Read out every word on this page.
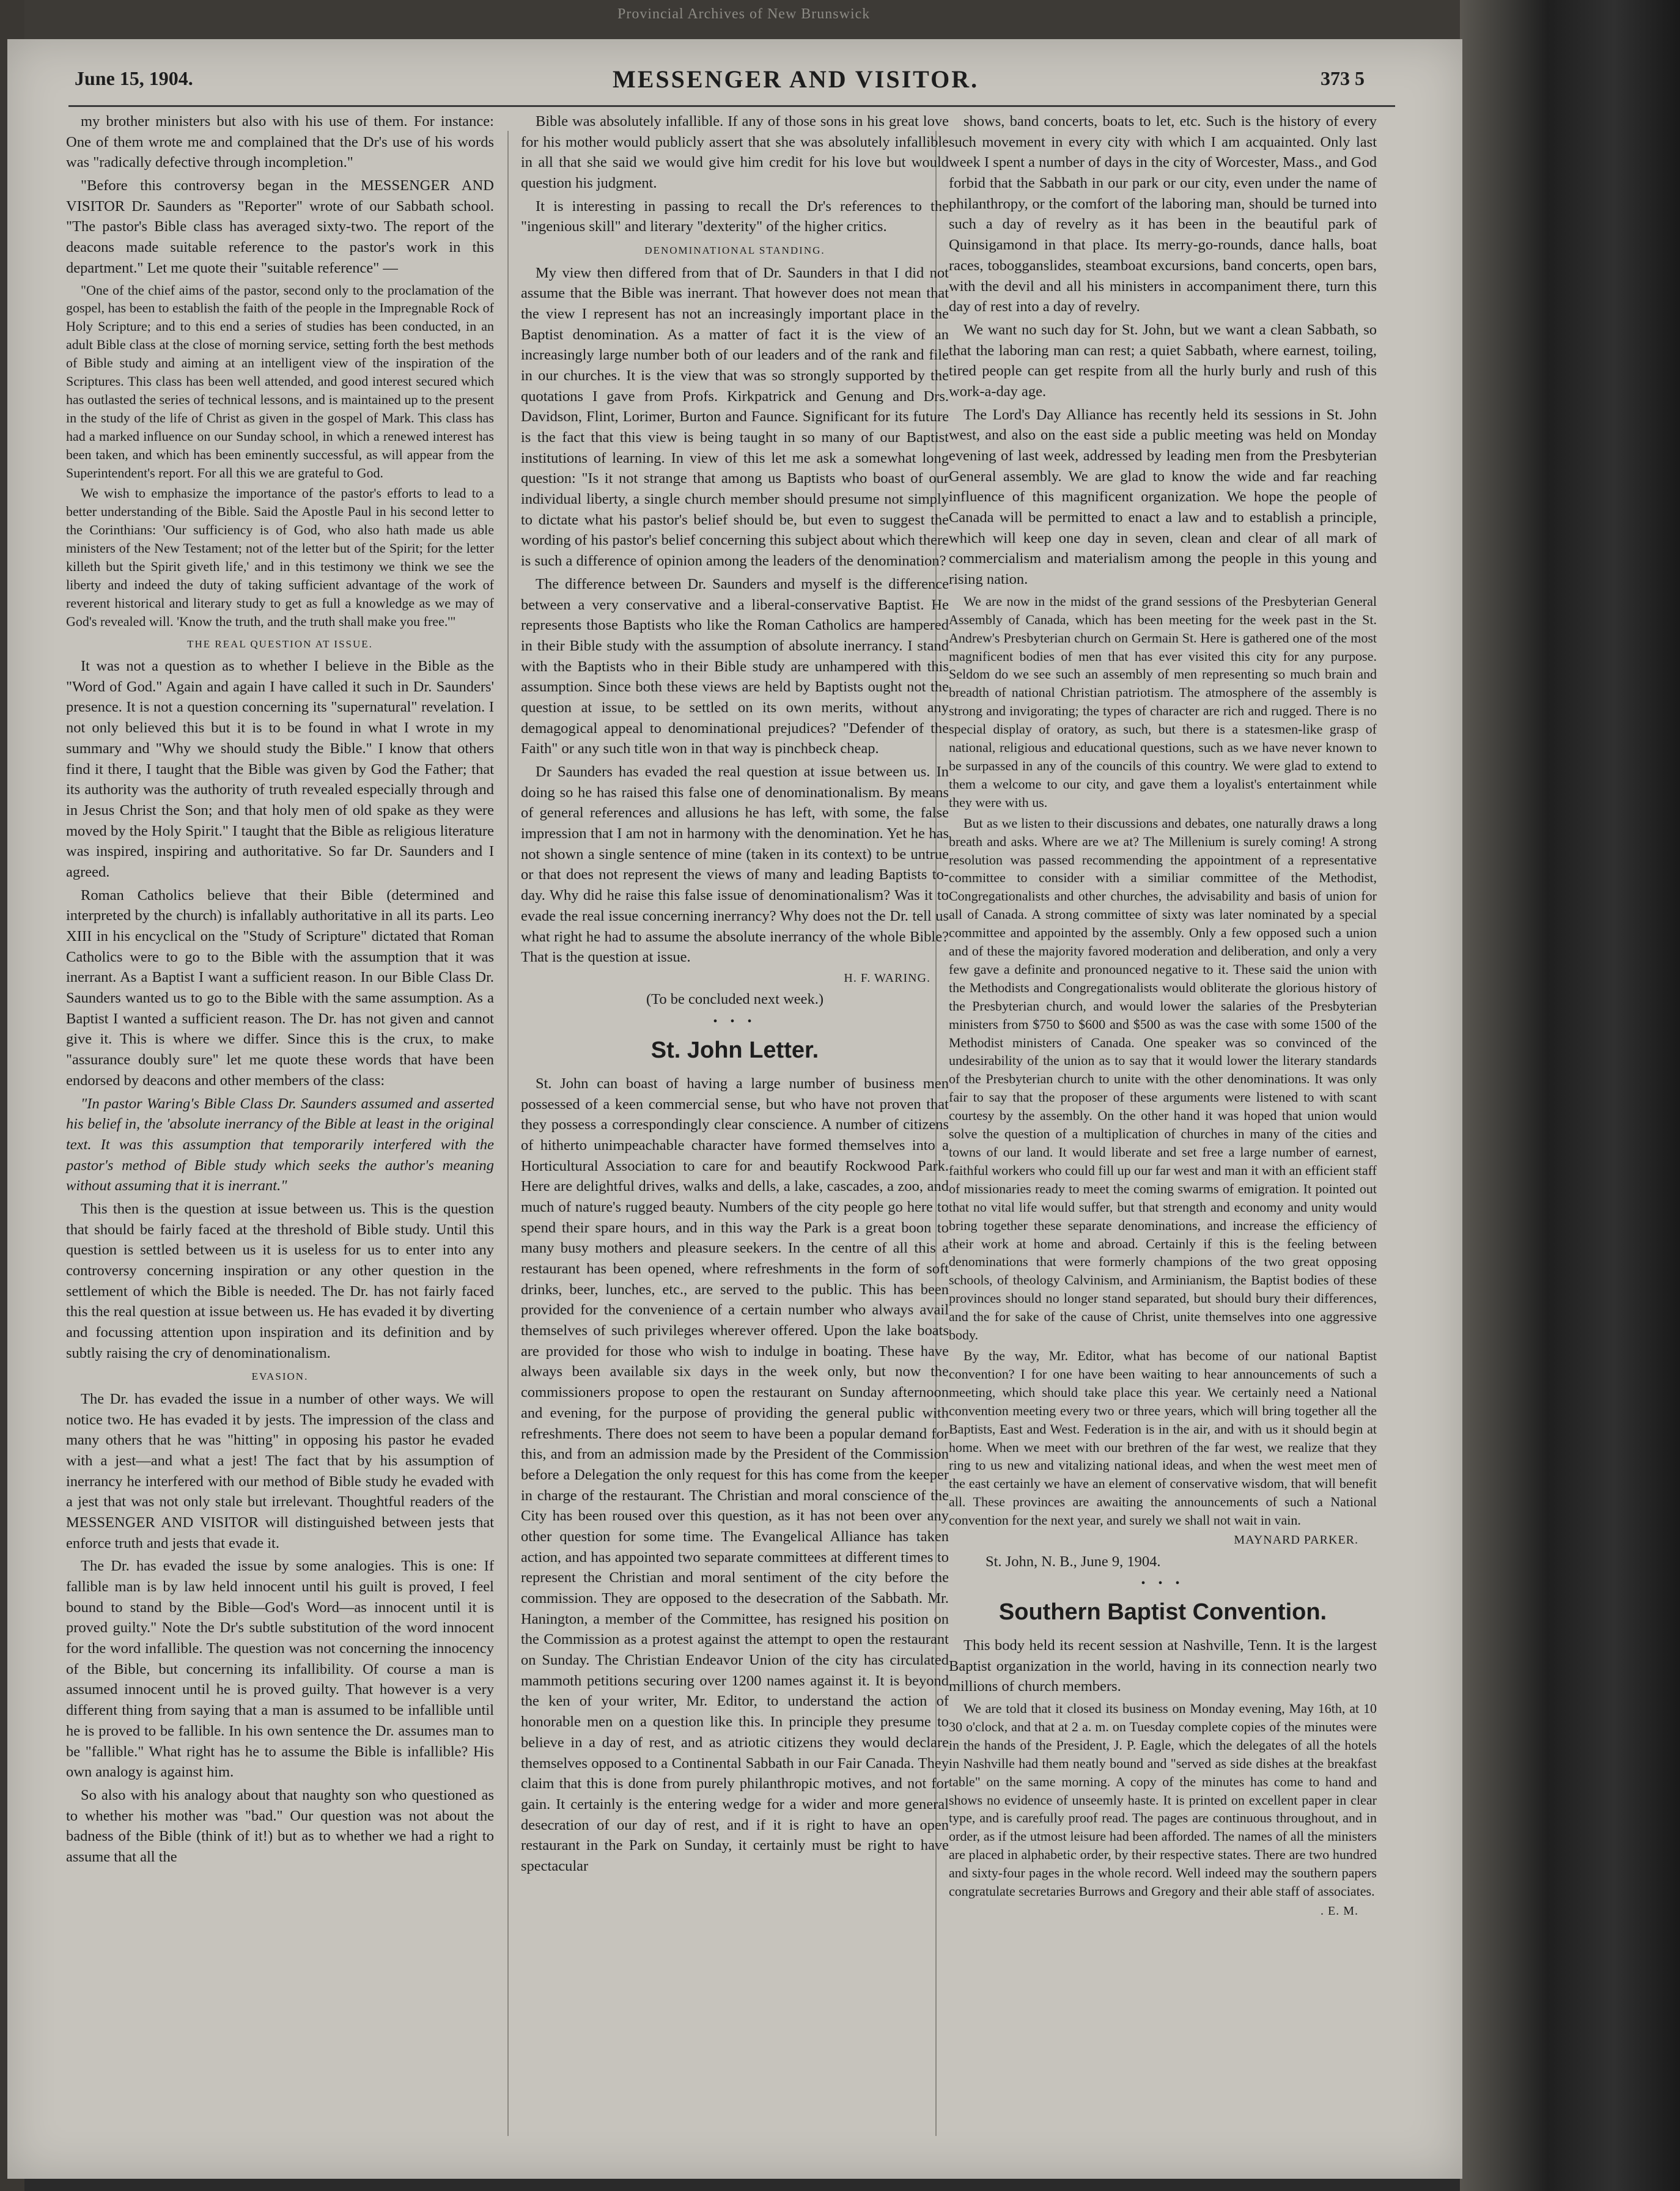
Provincial Archives of New Brunswick
June 15, 1904.	MESSENGER AND VISITOR.	373 5

my brother ministers but also with his use of them. For instance: One of them wrote me and complained that the Dr's use of his words was "radically defective through incompletion."

"Before this controversy began in the MESSENGER AND VISITOR Dr. Saunders as "Reporter" wrote of our Sabbath school. "The pastor's Bible class has averaged sixty-two. The report of the deacons made suitable reference to the pastor's work in this department." Let me quote their "suitable reference" —

"One of the chief aims of the pastor, second only to the proclamation of the gospel, has been to establish the faith of the people in the Impregnable Rock of Holy Scripture; and to this end a series of studies has been conducted, in an adult Bible class at the close of morning service, setting forth the best methods of Bible study and aiming at an intelligent view of the inspiration of the Scriptures. This class has been well attended, and good interest secured which has outlasted the series of technical lessons, and is maintained up to the present in the study of the life of Christ as given in the gospel of Mark. This class has had a marked influence on our Sunday school, in which a renewed interest has been taken, and which has been eminently successful, as will appear from the Superintendent's report. For all this we are grateful to God.

We wish to emphasize the importance of the pastor's efforts to lead to a better understanding of the Bible. Said the Apostle Paul in his second letter to the Corinthians: 'Our sufficiency is of God, who also hath made us able ministers of the New Testament; not of the letter but of the Spirit; for the letter killeth but the Spirit giveth life,' and in this testimony we think we see the liberty and indeed the duty of taking sufficient advantage of the work of reverent historical and literary study to get as full a knowledge as we may of God's revealed will. 'Know the truth, and the truth shall make you free.'"

THE REAL QUESTION AT ISSUE.

It was not a question as to whether I believe in the Bible as the "Word of God." Again and again I have called it such in Dr. Saunders' presence. It is not a question concerning its "supernatural" revelation. I not only believed this but it is to be found in what I wrote in my summary and "Why we should study the Bible." I know that others find it there, I taught that the Bible was given by God the Father; that its authority was the authority of truth revealed especially through and in Jesus Christ the Son; and that holy men of old spake as they were moved by the Holy Spirit." I taught that the Bible as religious literature was inspired, inspiring and authoritative. So far Dr. Saunders and I agreed.

Roman Catholics believe that their Bible (determined and interpreted by the church) is infallably authoritative in all its parts. Leo XIII in his encyclical on the "Study of Scripture" dictated that Roman Catholics were to go to the Bible with the assumption that it was inerrant. As a Baptist I want a sufficient reason. In our Bible Class Dr. Saunders wanted us to go to the Bible with the same assumption. As a Baptist I wanted a sufficient reason. The Dr. has not given and cannot give it. This is where we differ. Since this is the crux, to make "assurance doubly sure" let me quote these words that have been endorsed by deacons and other members of the class:

"In pastor Waring's Bible Class Dr. Saunders assumed and asserted his belief in, the 'absolute inerrancy of the Bible at least in the original text. It was this assumption that temporarily interfered with the pastor's method of Bible study which seeks the author's meaning without assuming that it is inerrant."

This then is the question at issue between us. This is the question that should be fairly faced at the threshold of Bible study. Until this question is settled between us it is useless for us to enter into any controversy concerning inspiration or any other question in the settlement of which the Bible is needed. The Dr. has not fairly faced this the real question at issue between us. He has evaded it by diverting and focussing attention upon inspiration and its definition and by subtly raising the cry of denominationalism.

EVASION.

The Dr. has evaded the issue in a number of other ways. We will notice two. He has evaded it by jests. The impression of the class and many others that he was "hitting" in opposing his pastor he evaded with a jest—and what a jest! The fact that by his assumption of inerrancy he interfered with our method of Bible study he evaded with a jest that was not only stale but irrelevant. Thoughtful readers of the MESSENGER AND VISITOR will distinguished between jests that enforce truth and jests that evade it.

The Dr. has evaded the issue by some analogies. This is one: If fallible man is by law held innocent until his guilt is proved, I feel bound to stand by the Bible—God's Word—as innocent until it is proved guilty." Note the Dr's subtle substitution of the word innocent for the word infallible. The question was not concerning the innocency of the Bible, but concerning its infallibility. Of course a man is assumed innocent until he is proved guilty. That however is a very different thing from saying that a man is assumed to be infallible until he is proved to be fallible. In his own sentence the Dr. assumes man to be "fallible." What right has he to assume the Bible is infallible? His own analogy is against him.

So also with his analogy about that naughty son who questioned as to whether his mother was "bad." Our question was not about the badness of the Bible (think of it!) but as to whether we had a right to assume that all the

Bible was absolutely infallible. If any of those sons in his great love for his mother would publicly assert that she was absolutely infallible in all that she said we would give him credit for his love but would question his judgment.

It is interesting in passing to recall the Dr's references to the "ingenious skill" and literary "dexterity" of the higher critics.

DENOMINATIONAL STANDING.

My view then differed from that of Dr. Saunders in that I did not assume that the Bible was inerrant. That however does not mean that the view I represent has not an increasingly important place in the Baptist denomination. As a matter of fact it is the view of an increasingly large number both of our leaders and of the rank and file in our churches. It is the view that was so strongly supported by the quotations I gave from Profs. Kirkpatrick and Genung and Drs. Davidson, Flint, Lorimer, Burton and Faunce. Significant for its future is the fact that this view is being taught in so many of our Baptist institutions of learning. In view of this let me ask a somewhat long question: "Is it not strange that among us Baptists who boast of our individual liberty, a single church member should presume not simply to dictate what his pastor's belief should be, but even to suggest the wording of his pastor's belief concerning this subject about which there is such a difference of opinion among the leaders of the denomination?

The difference between Dr. Saunders and myself is the difference between a very conservative and a liberal-conservative Baptist. He represents those Baptists who like the Roman Catholics are hampered in their Bible study with the assumption of absolute inerrancy. I stand with the Baptists who in their Bible study are unhampered with this assumption. Since both these views are held by Baptists ought not the question at issue, to be settled on its own merits, without any demagogical appeal to denominational prejudices? "Defender of the Faith" or any such title won in that way is pinchbeck cheap.

Dr Saunders has evaded the real question at issue between us. In doing so he has raised this false one of denominationalism. By means of general references and allusions he has left, with some, the false impression that I am not in harmony with the denomination. Yet he has not shown a single sentence of mine (taken in its context) to be untrue or that does not represent the views of many and leading Baptists to-day. Why did he raise this false issue of denominationalism? Was it to evade the real issue concerning inerrancy? Why does not the Dr. tell us what right he had to assume the absolute inerrancy of the whole Bible? That is the question at issue.

H. F. WARING.

(To be concluded next week.)

• • •

St. John Letter.

St. John can boast of having a large number of business men possessed of a keen commercial sense, but who have not proven that they possess a correspondingly clear conscience. A number of citizens of hitherto unimpeachable character have formed themselves into a Horticultural Association to care for and beautify Rockwood Park. Here are delightful drives, walks and dells, a lake, cascades, a zoo, and much of nature's rugged beauty. Numbers of the city people go here to spend their spare hours, and in this way the Park is a great boon to many busy mothers and pleasure seekers. In the centre of all this a restaurant has been opened, where refreshments in the form of soft drinks, beer, lunches, etc., are served to the public. This has been provided for the convenience of a certain number who always avail themselves of such privileges wherever offered. Upon the lake boats are provided for those who wish to indulge in boating. These have always been available six days in the week only, but now the commissioners propose to open the restaurant on Sunday afternoon and evening, for the purpose of providing the general public with refreshments. There does not seem to have been a popular demand for this, and from an admission made by the President of the Commission before a Delegation the only request for this has come from the keeper in charge of the restaurant. The Christian and moral conscience of the City has been roused over this question, as it has not been over any other question for some time. The Evangelical Alliance has taken action, and has appointed two separate committees at different times to represent the Christian and moral sentiment of the city before the commission. They are opposed to the desecration of the Sabbath. Mr. Hanington, a member of the Committee, has resigned his position on the Commission as a protest against the attempt to open the restaurant on Sunday. The Christian Endeavor Union of the city has circulated mammoth petitions securing over 1200 names against it. It is beyond the ken of your writer, Mr. Editor, to understand the action of honorable men on a question like this. In principle they presume to believe in a day of rest, and as atriotic citizens they would declare themselves opposed to a Continental Sabbath in our Fair Canada. They claim that this is done from purely philanthropic motives, and not for gain. It certainly is the entering wedge for a wider and more general desecration of our day of rest, and if it is right to have an open restaurant in the Park on Sunday, it certainly must be right to have spectacular

shows, band concerts, boats to let, etc. Such is the history of every such movement in every city with which I am acquainted. Only last week I spent a number of days in the city of Worcester, Mass., and God forbid that the Sabbath in our park or our city, even under the name of philanthropy, or the comfort of the laboring man, should be turned into such a day of revelry as it has been in the beautiful park of Quinsigamond in that place. Its merry-go-rounds, dance halls, boat races, tobogganslides, steamboat excursions, band concerts, open bars, with the devil and all his ministers in accompaniment there, turn this day of rest into a day of revelry.

We want no such day for St. John, but we want a clean Sabbath, so that the laboring man can rest; a quiet Sabbath, where earnest, toiling, tired people can get respite from all the hurly burly and rush of this work-a-day age.

The Lord's Day Alliance has recently held its sessions in St. John west, and also on the east side a public meeting was held on Monday evening of last week, addressed by leading men from the Presbyterian General assembly. We are glad to know the wide and far reaching influence of this magnificent organization. We hope the people of Canada will be permitted to enact a law and to establish a principle, which will keep one day in seven, clean and clear of all mark of commercialism and materialism among the people in this young and rising nation.

We are now in the midst of the grand sessions of the Presbyterian General Assembly of Canada, which has been meeting for the week past in the St. Andrew's Presbyterian church on Germain St. Here is gathered one of the most magnificent bodies of men that has ever visited this city for any purpose. Seldom do we see such an assembly of men representing so much brain and breadth of national Christian patriotism. The atmosphere of the assembly is strong and invigorating; the types of character are rich and rugged. There is no special display of oratory, as such, but there is a statesmen-like grasp of national, religious and educational questions, such as we have never known to be surpassed in any of the councils of this country. We were glad to extend to them a welcome to our city, and gave them a loyalist's entertainment while they were with us.

But as we listen to their discussions and debates, one naturally draws a long breath and asks. Where are we at? The Millenium is surely coming! A strong resolution was passed recommending the appointment of a representative committee to consider with a similiar committee of the Methodist, Congregationalists and other churches, the advisability and basis of union for all of Canada. A strong committee of sixty was later nominated by a special committee and appointed by the assembly. Only a few opposed such a union and of these the majority favored moderation and deliberation, and only a very few gave a definite and pronounced negative to it. These said the union with the Methodists and Congregationalists would obliterate the glorious history of the Presbyterian church, and would lower the salaries of the Presbyterian ministers from $750 to $600 and $500 as was the case with some 1500 of the Methodist ministers of Canada. One speaker was so convinced of the undesirability of the union as to say that it would lower the literary standards of the Presbyterian church to unite with the other denominations. It was only fair to say that the proposer of these arguments were listened to with scant courtesy by the assembly. On the other hand it was hoped that union would solve the question of a multiplication of churches in many of the cities and towns of our land. It would liberate and set free a large number of earnest, faithful workers who could fill up our far west and man it with an efficient staff of missionaries ready to meet the coming swarms of emigration. It pointed out that no vital life would suffer, but that strength and economy and unity would bring together these separate denominations, and increase the efficiency of their work at home and abroad. Certainly if this is the feeling between denominations that were formerly champions of the two great opposing schools, of theology Calvinism, and Arminianism, the Baptist bodies of these provinces should no longer stand separated, but should bury their differences, and the for sake of the cause of Christ, unite themselves into one aggressive body.

By the way, Mr. Editor, what has become of our national Baptist convention? I for one have been waiting to hear announcements of such a meeting, which should take place this year. We certainly need a National convention meeting every two or three years, which will bring together all the Baptists, East and West. Federation is in the air, and with us it should begin at home. When we meet with our brethren of the far west, we realize that they ring to us new and vitalizing national ideas, and when the west meet men of the east certainly we have an element of conservative wisdom, that will benefit all. These provinces are awaiting the announcements of such a National convention for the next year, and surely we shall not wait in vain.

MAYNARD PARKER.

St. John, N. B., June 9, 1904.

• • •

Southern Baptist Convention.

This body held its recent session at Nashville, Tenn. It is the largest Baptist organization in the world, having in its connection nearly two millions of church members.

We are told that it closed its business on Monday evening, May 16th, at 10 30 o'clock, and that at 2 a. m. on Tuesday complete copies of the minutes were in the hands of the President, J. P. Eagle, which the delegates of all the hotels in Nashville had them neatly bound and "served as side dishes at the breakfast table" on the same morning. A copy of the minutes has come to hand and shows no evidence of unseemly haste. It is printed on excellent paper in clear type, and is carefully proof read. The pages are continuous throughout, and in order, as if the utmost leisure had been afforded. The names of all the ministers are placed in alphabetic order, by their respective states. There are two hundred and sixty-four pages in the whole record. Well indeed may the southern papers congratulate secretaries Burrows and Gregory and their able staff of associates.

. E. M.
